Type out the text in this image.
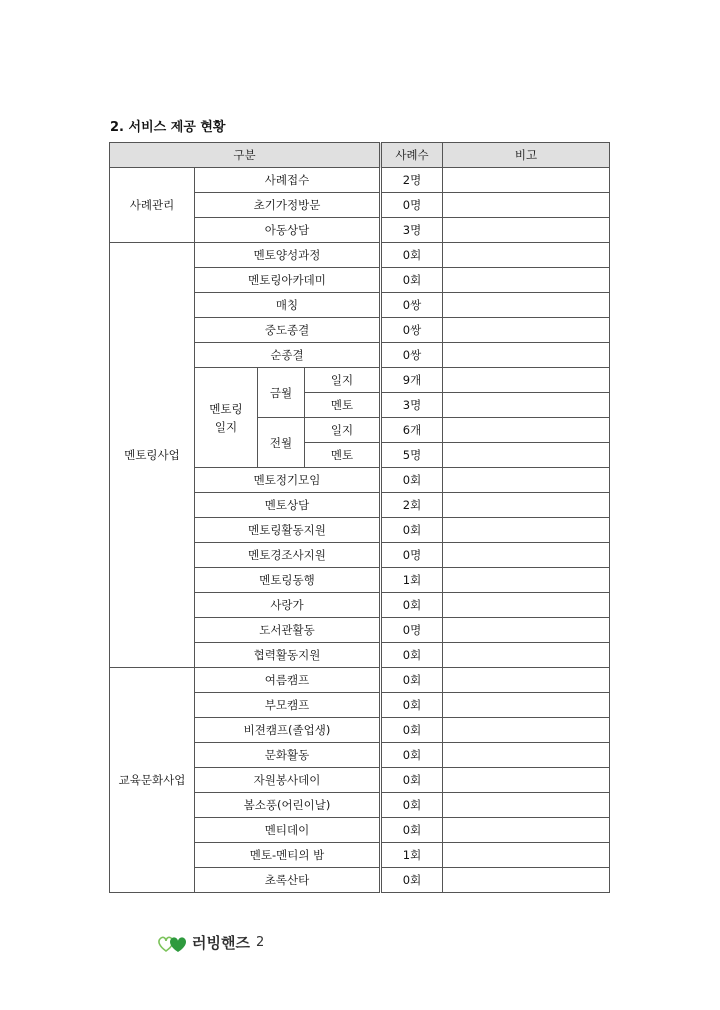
2. 서비스 제공 현황
구분				사례수	비고
사례관리	사례접수			2명	
	초기가정방문			0명	
	아동상담			3명	
멘토링사업	멘토양성과정			0회	
	멘토링아카데미			0회	
	매칭			0쌍	
	중도종결			0쌍	
	순종결			0쌍	
	멘토링 일지	금월	일지	9개	
			멘토	3명	
		전월	일지	6개	
			멘토	5명	
	멘토정기모임			0회	
	멘토상담			2회	
	멘토링활동지원			0회	
	멘토경조사지원			0명	
	멘토링동행			1회	
	사랑가			0회	
	도서관활동			0명	
	협력활동지원			0회	
교육문화사업	여름캠프			0회	
	부모캠프			0회	
	비젼캠프(졸업생)			0회	
	문화활동			0회	
	자원봉사데이			0회	
	봄소풍(어린이날)			0회	
	멘티데이			0회	
	멘토-멘티의 밤			1회	
	초록산타			0회	
러빙핸즈 2
